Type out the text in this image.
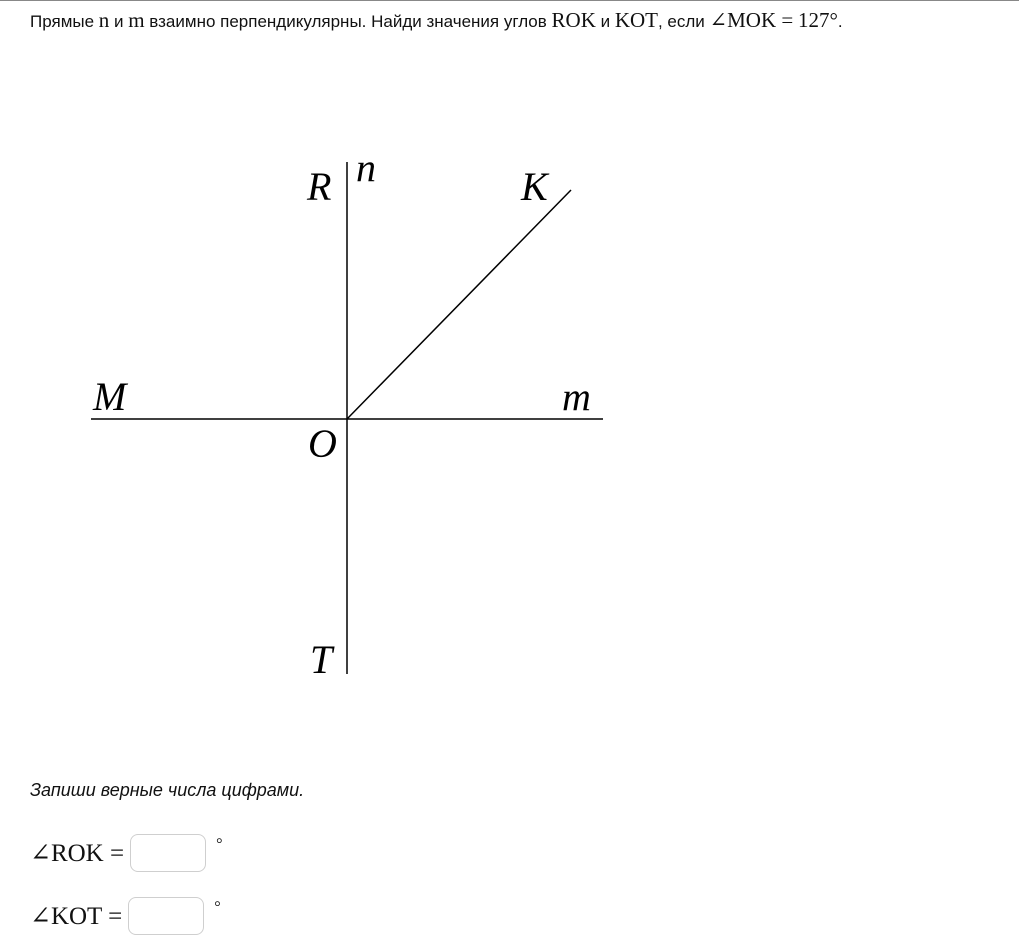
Прямые n и m взаимно перпендикулярны. Найди значения углов ROK и KOT, если ∠MOK = 127°.
R n	K
M	m
O
T
Запиши верные числа цифрами.
∠ROK =	°
∠KOT =	°
